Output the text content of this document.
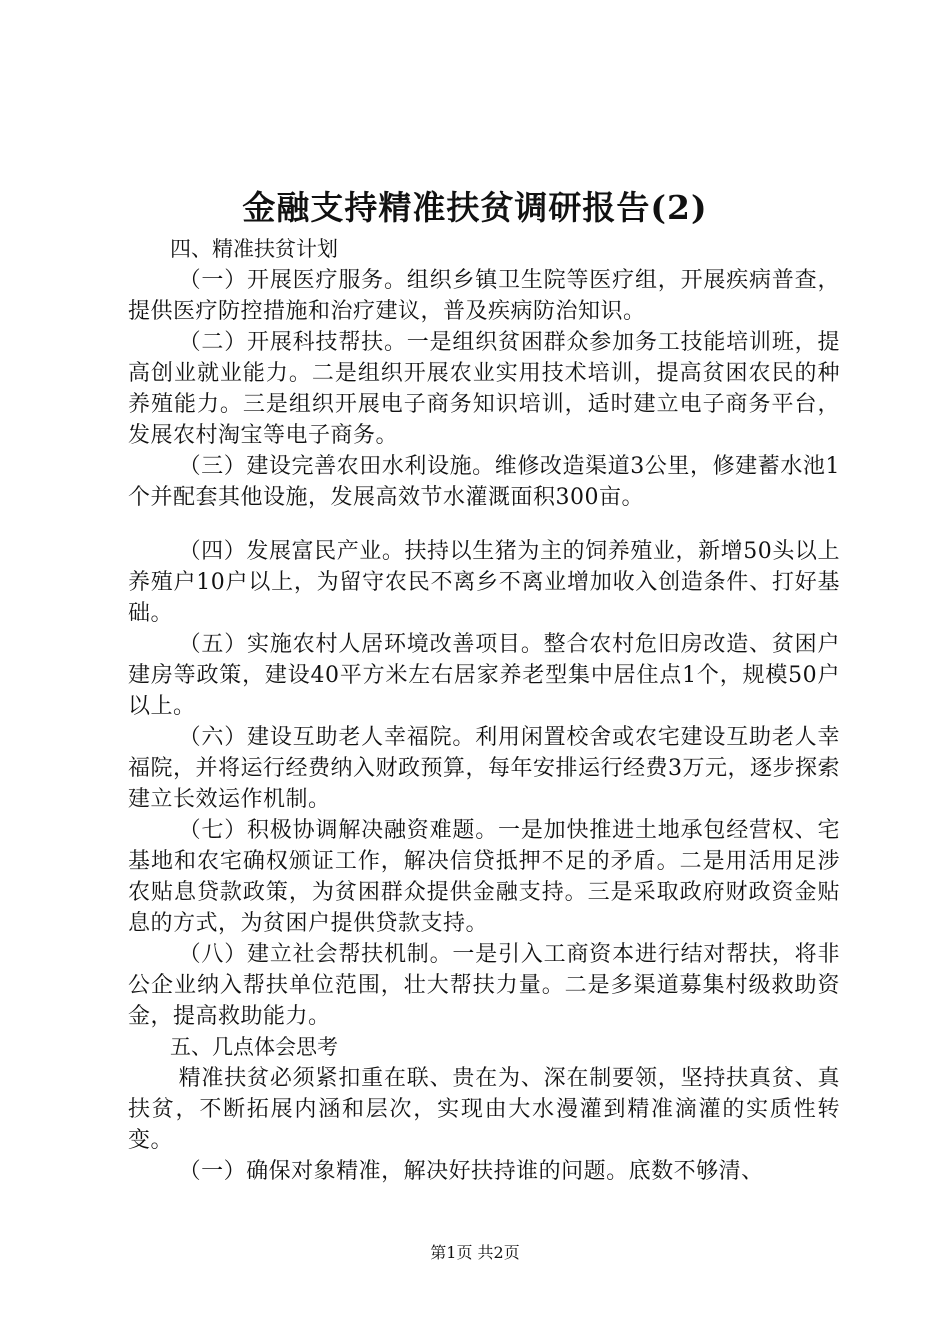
金融支持精准扶贫调研报告(2)

四、精准扶贫计划

（一）开展医疗服务。组织乡镇卫生院等医疗组，开展疾病普查，提供医疗防控措施和治疗建议，普及疾病防治知识。

（二）开展科技帮扶。一是组织贫困群众参加务工技能培训班，提高创业就业能力。二是组织开展农业实用技术培训，提高贫困农民的种养殖能力。三是组织开展电子商务知识培训，适时建立电子商务平台，发展农村淘宝等电子商务。

（三）建设完善农田水利设施。维修改造渠道3公里，修建蓄水池1个并配套其他设施，发展高效节水灌溉面积300亩。

（四）发展富民产业。扶持以生猪为主的饲养殖业，新增50头以上养殖户10户以上，为留守农民不离乡不离业增加收入创造条件、打好基础。

（五）实施农村人居环境改善项目。整合农村危旧房改造、贫困户建房等政策，建设40平方米左右居家养老型集中居住点1个，规模50户以上。

（六）建设互助老人幸福院。利用闲置校舍或农宅建设互助老人幸福院，并将运行经费纳入财政预算，每年安排运行经费3万元，逐步探索建立长效运作机制。

（七）积极协调解决融资难题。一是加快推进土地承包经营权、宅基地和农宅确权颁证工作，解决信贷抵押不足的矛盾。二是用活用足涉农贴息贷款政策，为贫困群众提供金融支持。三是采取政府财政资金贴息的方式，为贫困户提供贷款支持。

（八）建立社会帮扶机制。一是引入工商资本进行结对帮扶，将非公企业纳入帮扶单位范围，壮大帮扶力量。二是多渠道募集村级救助资金，提高救助能力。

五、几点体会思考

精准扶贫必须紧扣重在联、贵在为、深在制要领，坚持扶真贫、真扶贫，不断拓展内涵和层次，实现由大水漫灌到精准滴灌的实质性转变。

（一）确保对象精准，解决好扶持谁的问题。底数不够清、

第1页 共2页
